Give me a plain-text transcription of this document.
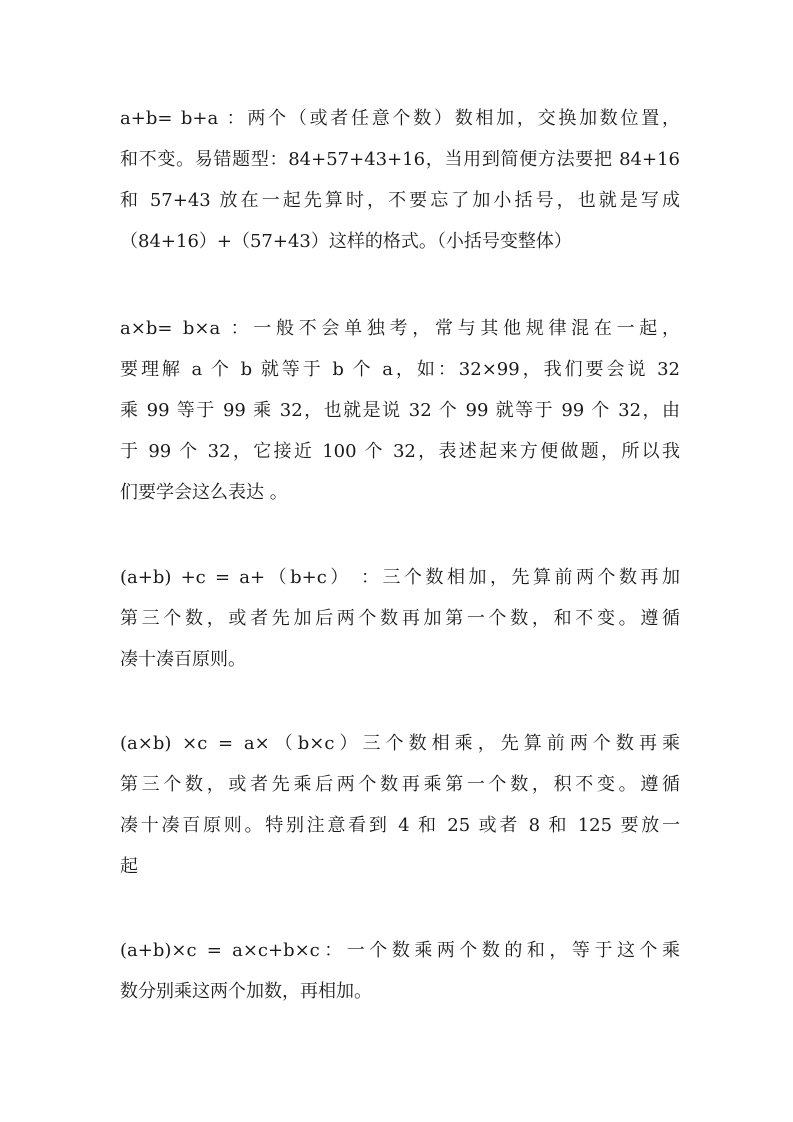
a+b= b+a ：两个（或者任意个数）数相加，交换加数位置，
和不变。易错题型：84+57+43+16，当用到简便方法要把 84+16
和 57+43 放在一起先算时，不要忘了加小括号，也就是写成
（84+16）+（57+43）这样的格式。（小括号变整体）

a×b= b×a ：一般不会单独考，常与其他规律混在一起，
要理解 a 个 b 就等于 b 个 a，如：32×99，我们要会说 32
乘 99 等于 99 乘 32，也就是说 32 个 99 就等于 99 个 32，由
于 99 个 32，它接近 100 个 32，表述起来方便做题，所以我
们要学会这么表达 。

(a+b) +c = a+（b+c） ：三个数相加，先算前两个数再加
第三个数，或者先加后两个数再加第一个数，和不变。遵循
凑十凑百原则。

(a×b) ×c = a×（b×c）三个数相乘，先算前两个数再乘
第三个数，或者先乘后两个数再乘第一个数，积不变。遵循
凑十凑百原则。特别注意看到 4 和 25 或者 8 和 125 要放一
起

(a+b)×c = a×c+b×c：一个数乘两个数的和，等于这个乘
数分别乘这两个加数，再相加。
